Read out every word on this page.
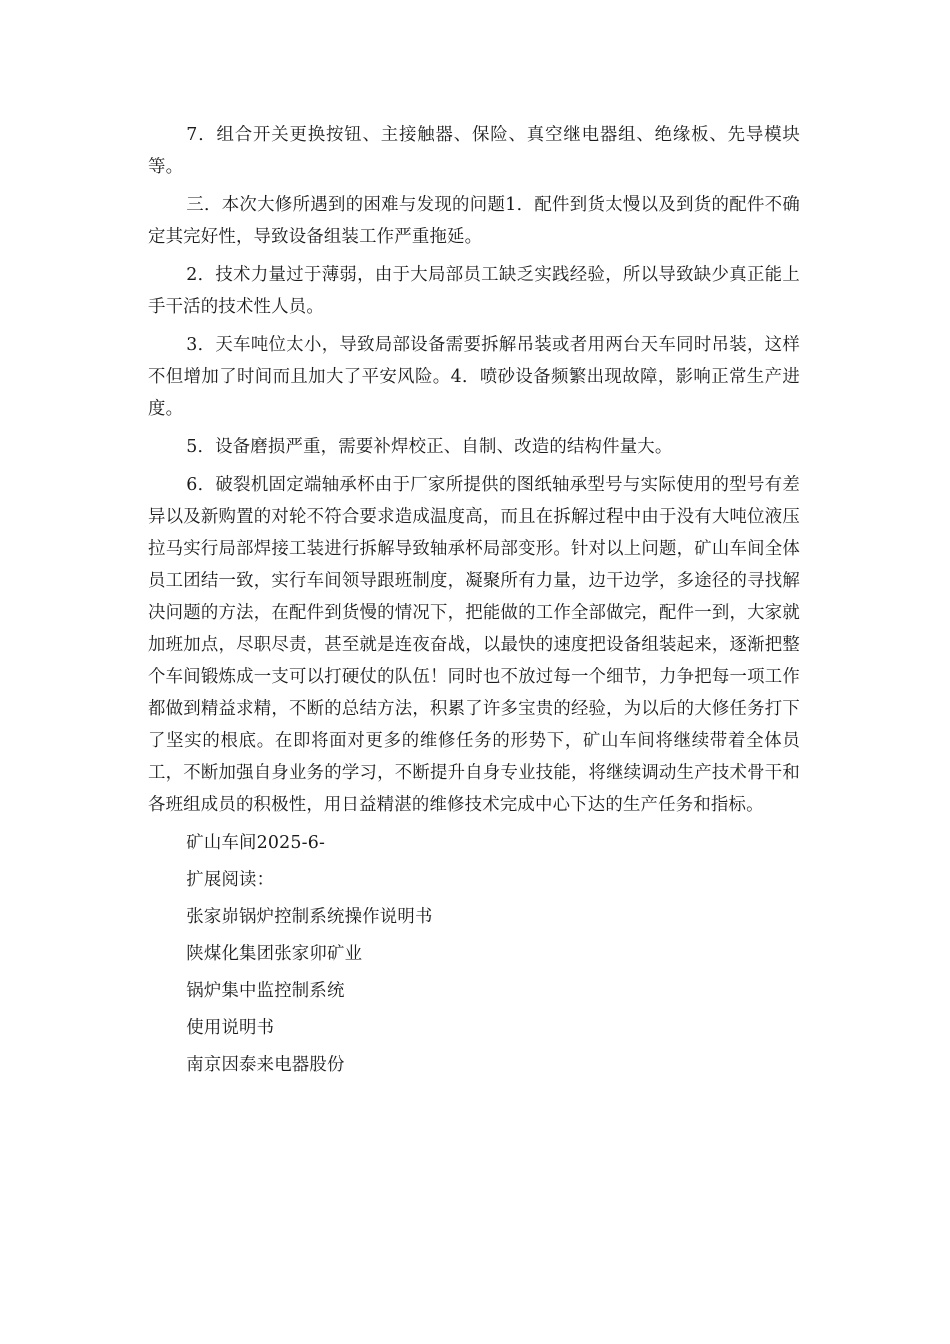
7．组合开关更换按钮、主接触器、保险、真空继电器组、绝缘板、先导模块等。

三．本次大修所遇到的困难与发现的问题1．配件到货太慢以及到货的配件不确定其完好性，导致设备组装工作严重拖延。

2．技术力量过于薄弱，由于大局部员工缺乏实践经验，所以导致缺少真正能上手干活的技术性人员。

3．天车吨位太小，导致局部设备需要拆解吊装或者用两台天车同时吊装，这样不但增加了时间而且加大了平安风险。4．喷砂设备频繁出现故障，影响正常生产进度。

5．设备磨损严重，需要补焊校正、自制、改造的结构件量大。

6．破裂机固定端轴承杯由于厂家所提供的图纸轴承型号与实际使用的型号有差异以及新购置的对轮不符合要求造成温度高，而且在拆解过程中由于没有大吨位液压拉马实行局部焊接工装进行拆解导致轴承杯局部变形。针对以上问题，矿山车间全体员工团结一致，实行车间领导跟班制度，凝聚所有力量，边干边学，多途径的寻找解决问题的方法，在配件到货慢的情况下，把能做的工作全部做完，配件一到，大家就加班加点，尽职尽责，甚至就是连夜奋战，以最快的速度把设备组装起来，逐渐把整个车间锻炼成一支可以打硬仗的队伍！同时也不放过每一个细节，力争把每一项工作都做到精益求精，不断的总结方法，积累了许多宝贵的经验，为以后的大修任务打下了坚实的根底。在即将面对更多的维修任务的形势下，矿山车间将继续带着全体员工，不断加强自身业务的学习，不断提升自身专业技能，将继续调动生产技术骨干和各班组成员的积极性，用日益精湛的维修技术完成中心下达的生产任务和指标。

矿山车间2025-6-
扩展阅读：
张家峁锅炉控制系统操作说明书
陕煤化集团张家卯矿业
锅炉集中监控制系统
使用说明书
南京因泰来电器股份
